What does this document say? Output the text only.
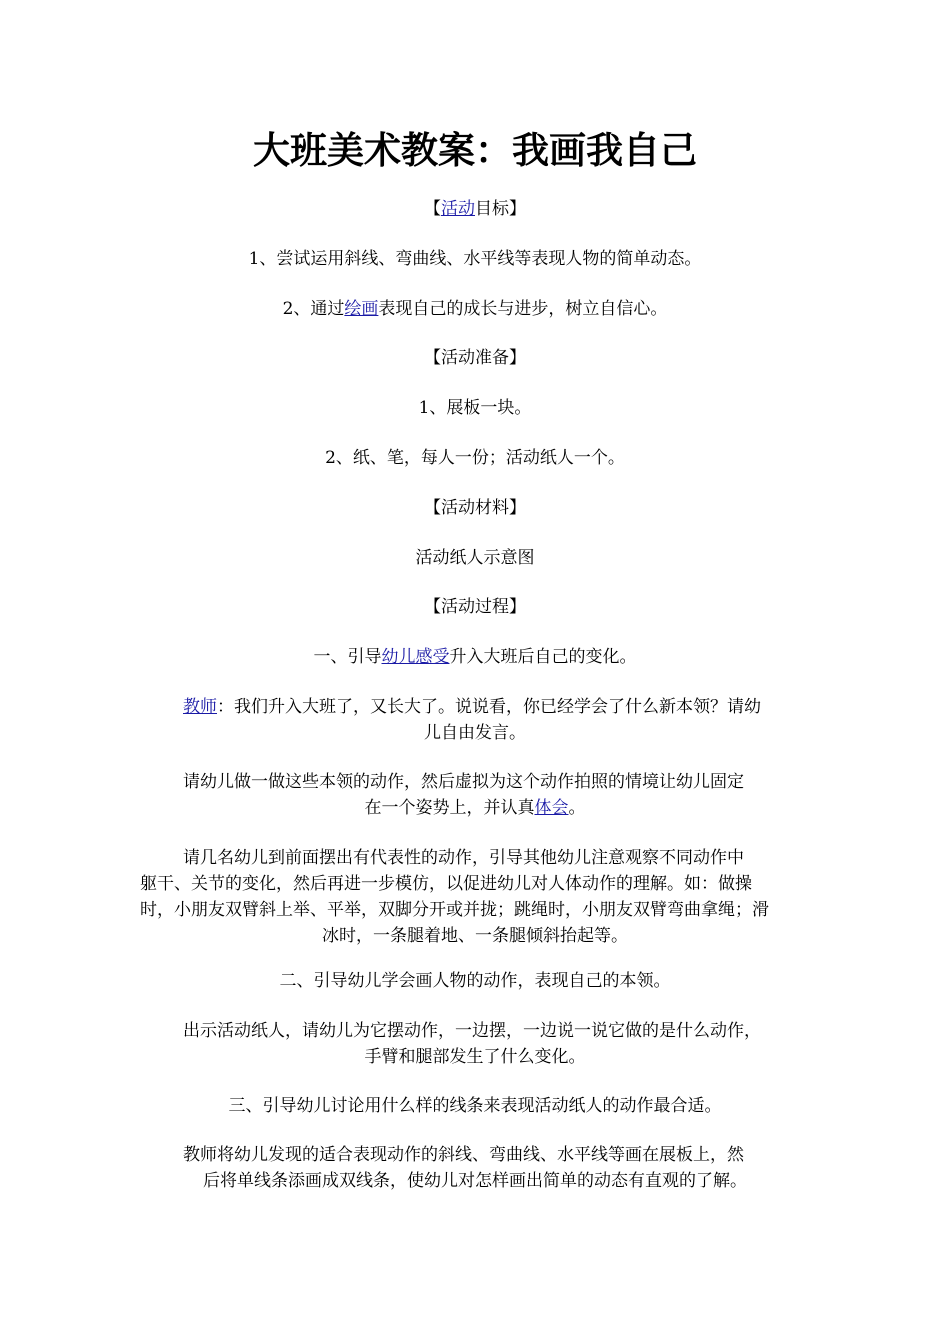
大班美术教案：我画我自己

【活动目标】

1、尝试运用斜线、弯曲线、水平线等表现人物的简单动态。

2、通过绘画表现自己的成长与进步，树立自信心。

【活动准备】

1、展板一块。

2、纸、笔，每人一份；活动纸人一个。

【活动材料】

活动纸人示意图

【活动过程】

一、引导幼儿感受升入大班后自己的变化。

教师：我们升入大班了，又长大了。说说看，你已经学会了什么新本领？请幼
儿自由发言。
请幼儿做一做这些本领的动作，然后虚拟为这个动作拍照的情境让幼儿固定
在一个姿势上，并认真体会。
请几名幼儿到前面摆出有代表性的动作，引导其他幼儿注意观察不同动作中
躯干、关节的变化，然后再进一步模仿，以促进幼儿对人体动作的理解。如：做操
时，小朋友双臂斜上举、平举，双脚分开或并拢；跳绳时，小朋友双臂弯曲拿绳；滑
冰时，一条腿着地、一条腿倾斜抬起等。

二、引导幼儿学会画人物的动作，表现自己的本领。

出示活动纸人，请幼儿为它摆动作，一边摆，一边说一说它做的是什么动作，
手臂和腿部发生了什么变化。

三、引导幼儿讨论用什么样的线条来表现活动纸人的动作最合适。

教师将幼儿发现的适合表现动作的斜线、弯曲线、水平线等画在展板上，然
后将单线条添画成双线条，使幼儿对怎样画出简单的动态有直观的了解。
